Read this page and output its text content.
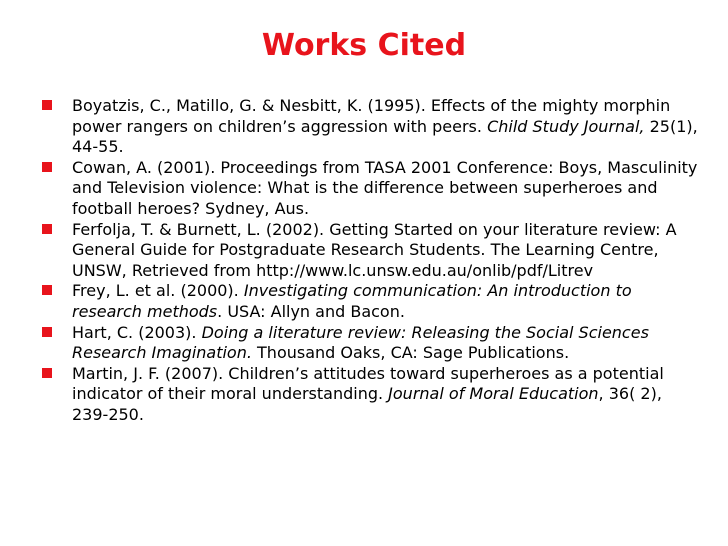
Works Cited
Boyatzis, C., Matillo, G. & Nesbitt, K. (1995). Effects of the mighty morphin power rangers on children’s aggression with peers. Child Study Journal, 25(1), 44-55.
Cowan, A. (2001). Proceedings from TASA 2001 Conference: Boys, Masculinity and Television violence: What is the difference between superheroes and football heroes? Sydney, Aus.
Ferfolja, T. & Burnett, L. (2002). Getting Started on your literature review: A General Guide for Postgraduate Research Students. The Learning Centre, UNSW, Retrieved from http://www.lc.unsw.edu.au/onlib/pdf/Litrev
Frey, L. et al. (2000). Investigating communication: An introduction to research methods. USA: Allyn and Bacon.
Hart, C. (2003). Doing a literature review: Releasing the Social Sciences Research Imagination. Thousand Oaks, CA: Sage Publications.
Martin, J. F. (2007). Children’s attitudes toward superheroes as a potential indicator of their moral understanding. Journal of Moral Education, 36( 2), 239-250.
